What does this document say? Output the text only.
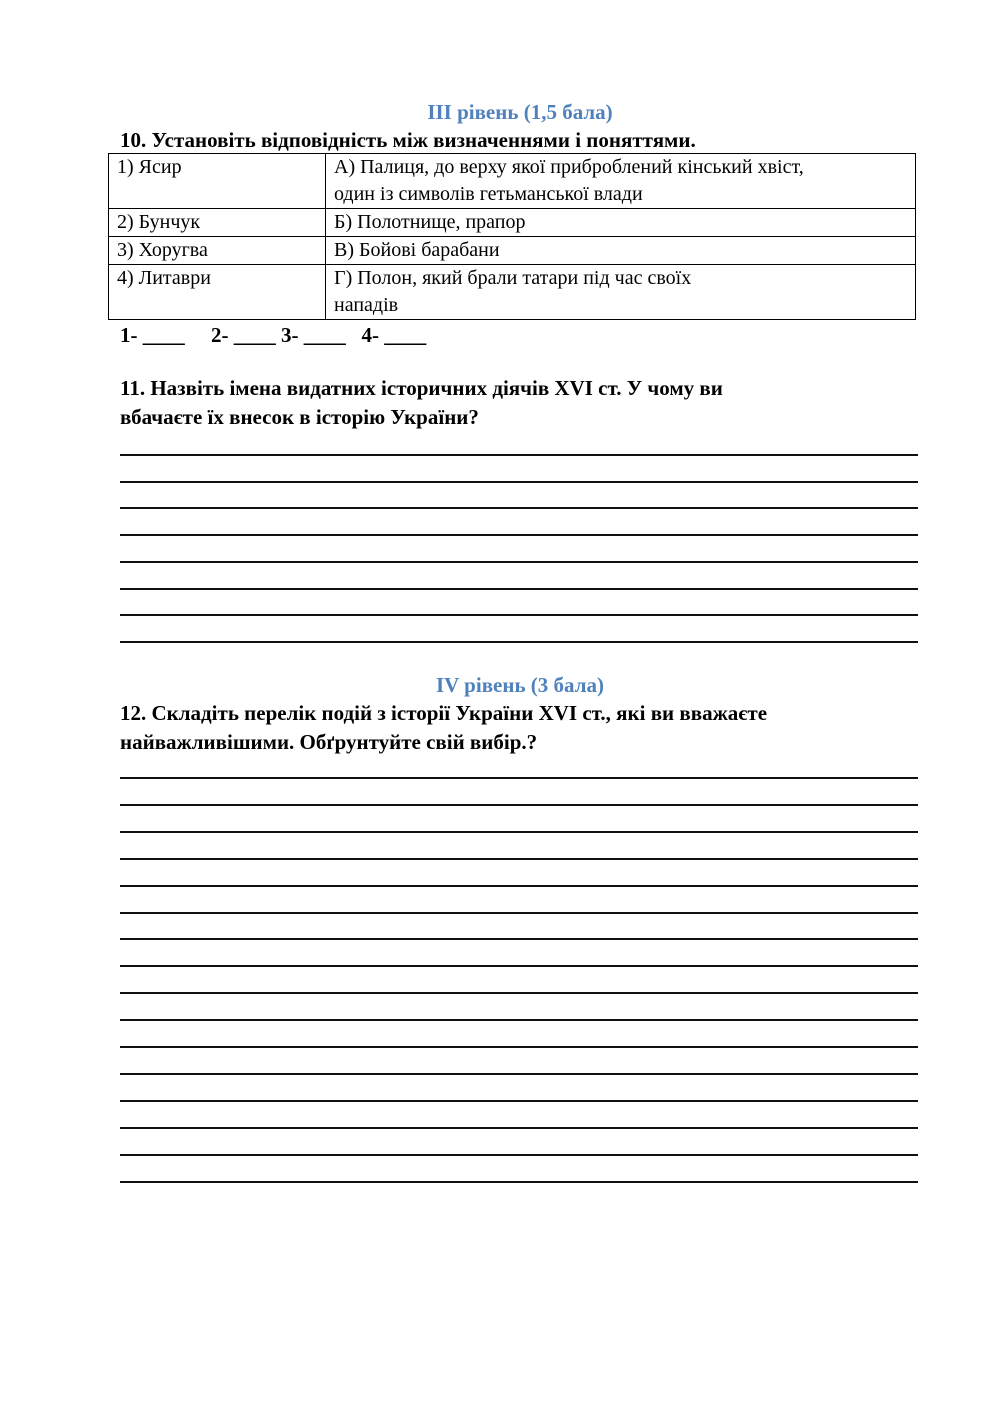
III рівень (1,5 бала)
10. Установіть відповідність між визначеннями і поняттями.
1) Ясир	А) Палиця, до верху якої приброблений кінський хвіст,
один із символів гетьманської влади

2) Бунчук	Б) Полотнище, прапор
3) Хоругва	В) Бойові барабани
4) Литаври	Г) Полон, який брали татари під час своїх
нападів
1- ____     2- ____ 3- ____   4- ____
11. Назвіть імена видатних історичних діячів XVI ст. У чому ви
вбачаєте їх внесок в історію України?
IV рівень (3 бала)
12. Складіть перелік подій з історії України XVI ст., які ви вважаєте
найважливішими. Обґрунтуйте свій вибір.?
